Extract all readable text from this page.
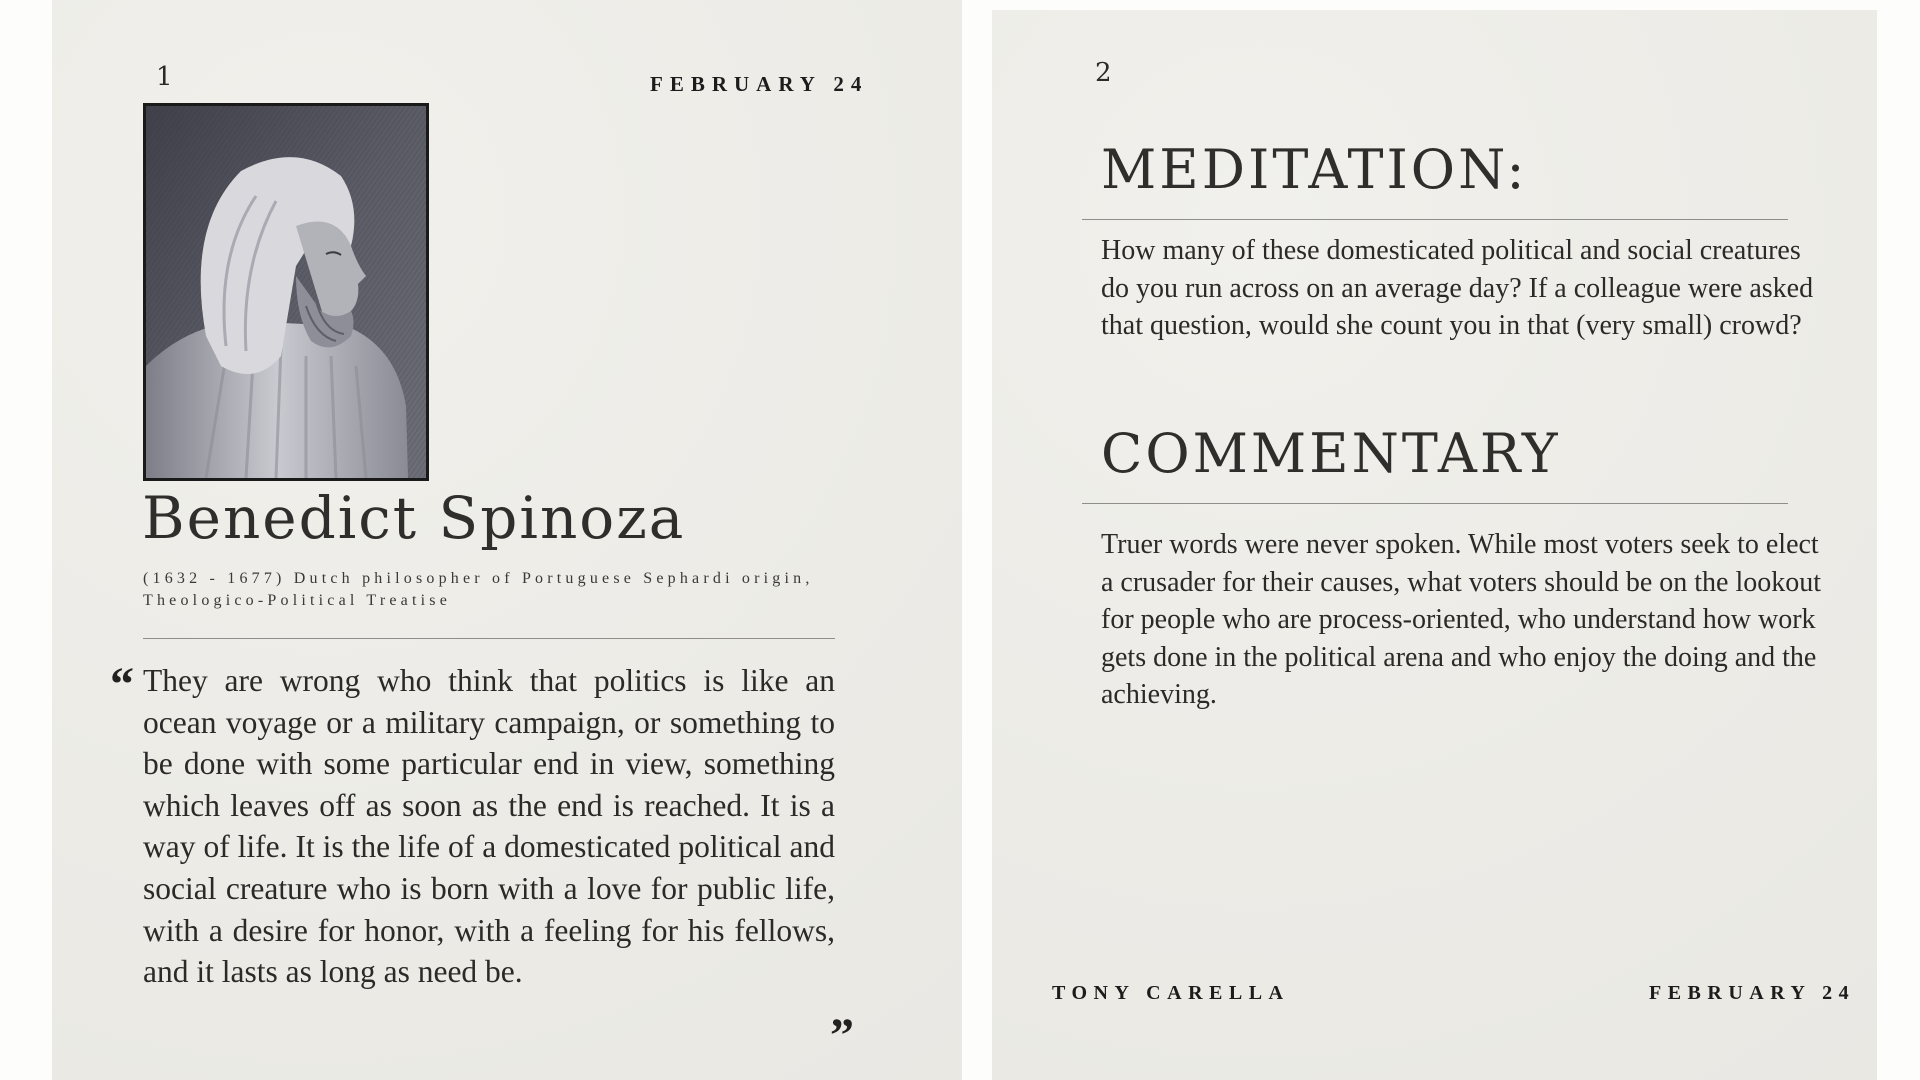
1	FEBRUARY 24
Benedict Spinoza
(1632 - 1677) Dutch philosopher of Portuguese Sephardi origin, Theologico-Political Treatise
“ They are wrong who think that politics is like an ocean voyage or a military campaign, or something to be done with some particular end in view, something which leaves off as soon as the end is reached. It is a way of life. It is the life of a domesticated political and social creature who is born with a love for public life, with a desire for honor, with a feeling for his fellows, and it lasts as long as need be.
”
2
MEDITATION:
How many of these domesticated political and social creatures do you run across on an average day? If a colleague were asked that question, would she count you in that (very small) crowd?
COMMENTARY
Truer words were never spoken. While most voters seek to elect a crusader for their causes, what voters should be on the lookout for people who are process-oriented, who understand how work gets done in the political arena and who enjoy the doing and the achieving.
TONY CARELLA	FEBRUARY 24
